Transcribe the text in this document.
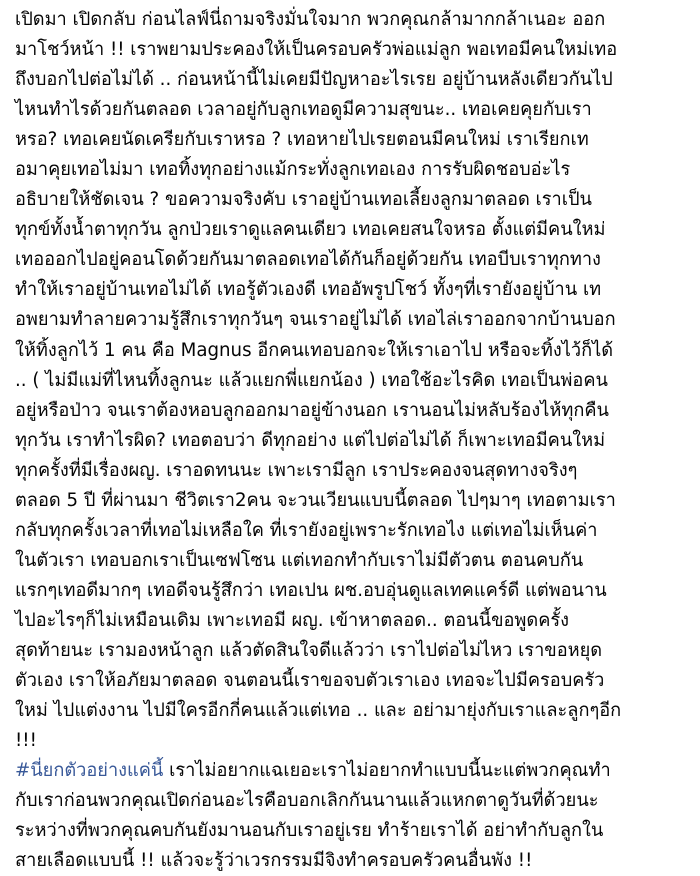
เปิดมา เปิดกลับ ก่อนไลฟ์นี่ถามจริงมั่นใจมาก พวกคุณกล้ามากกล้าเนอะ ออก
มาโชว์หน้า !! เราพยามประคองให้เป็นครอบครัวพ่อแม่ลูก พอเทอมีคนใหม่เทอ
ถึงบอกไปต่อไม่ได้ .. ก่อนหน้านี้ไม่เคยมีปัญหาอะไรเรย อยู่บ้านหลังเดียวกันไป
ไหนทำไรด้วยกันตลอด เวลาอยู่กับลูกเทอดูมีความสุขนะ.. เทอเคยคุยกับเรา
หรอ? เทอเคยนัดเครียกับเราหรอ ? เทอหายไปเรยตอนมีคนใหม่ เราเรียกเท
อมาคุยเทอไม่มา เทอทิ้งทุกอย่างแม้กระทั่งลูกเทอเอง การรับผิดชอบอ่ะไร
อธิบายให้ชัดเจน ? ขอความจริงคับ เราอยู่บ้านเทอเลี้ยงลูกมาตลอด เราเป็น
ทุกข์ทั้งน้ำตาทุกวัน ลูกป่วยเราดูแลคนเดียว เทอเคยสนใจหรอ ตั้งแต่มีคนใหม่
เทอออกไปอยู่คอนโดด้วยกันมาตลอดเทอได้กันก็อยู่ด้วยกัน เทอบีบเราทุกทาง
ทำให้เราอยู่บ้านเทอไม่ได้ เทอรู้ตัวเองดี เทออัพรูปโชว์ ทั้งๆที่เรายังอยู่บ้าน เท
อพยามทำลายความรู้สึกเราทุกวันๆ จนเราอยู่ไม่ได้ เทอไล่เราออกจากบ้านบอก
ให้ทิ้งลูกไว้ 1 คน คือ Magnus อีกคนเทอบอกจะให้เราเอาไป หรือจะทิ้งไว้ก็ได้
.. ( ไม่มีแม่ที่ไหนทิ้งลูกนะ แล้วแยกพี่แยกน้อง ) เทอใช้อะไรคิด เทอเป็นพ่อคน
อยู่หรือป่าว จนเราต้องหอบลูกออกมาอยู่ข้างนอก เรานอนไม่หลับร้องไห้ทุกคืน
ทุกวัน เราทำไรผิด? เทอตอบว่า ดีทุกอย่าง แต่ไปต่อไม่ได้ ก็เพาะเทอมีคนใหม่
ทุกครั้งที่มีเรื่องผญ. เราอดทนนะ เพาะเรามีลูก เราประคองจนสุดทางจริงๆ
ตลอด 5 ปี ที่ผ่านมา ชีวิตเรา2คน จะวนเวียนแบบนี้ตลอด ไปๆมาๆ เทอตามเรา
กลับทุกครั้งเวลาที่เทอไม่เหลือใค ที่เรายังอยู่เพราะรักเทอไง แต่เทอไม่เห็นค่า
ในตัวเรา เทอบอกเราเป็นเซฟโซน แต่เทอกทำกับเราไม่มีตัวตน ตอนคบกัน
แรกๆเทอดีมากๆ เทอดีจนรู้สึกว่า เทอเปน ผช.อบอุ่นดูแลเทคแคร์ดี แต่พอนาน
ไปอะไรๆก็ไม่เหมือนเดิม เพาะเทอมี ผญ. เข้าหาตลอด.. ตอนนี้ขอพูดครั้ง
สุดท้ายนะ เรามองหน้าลูก แล้วตัดสินใจดีแล้วว่า เราไปต่อไม่ไหว เราขอหยุด
ตัวเอง เราให้อภัยมาตลอด จนตอนนี้เราขอจบตัวเราเอง เทอจะไปมีครอบครัว
ใหม่ ไปแต่งงาน ไปมีใครอีกกี่คนแล้วแต่เทอ .. และ อย่ามายุ่งกับเราและลูกๆอีก
!!!
#นี่ยกตัวอย่างแค่นี้ เราไม่อยากแฉเยอะเราไม่อยากทำแบบนี้นะแต่พวกคุณทำ
กับเราก่อนพวกคุณเปิดก่อนอะไรคือบอกเลิกกันนานแล้วแหกตาดูวันที่ด้วยนะ
ระหว่างที่พวกคุณคบกันยังมานอนกับเราอยู่เรย ทำร้ายเราได้ อย่าทำกับลูกใน
สายเลือดแบบนี้ !! แล้วจะรู้ว่าเวรกรรมมีจิงทำครอบครัวคนอื่นพัง !!
